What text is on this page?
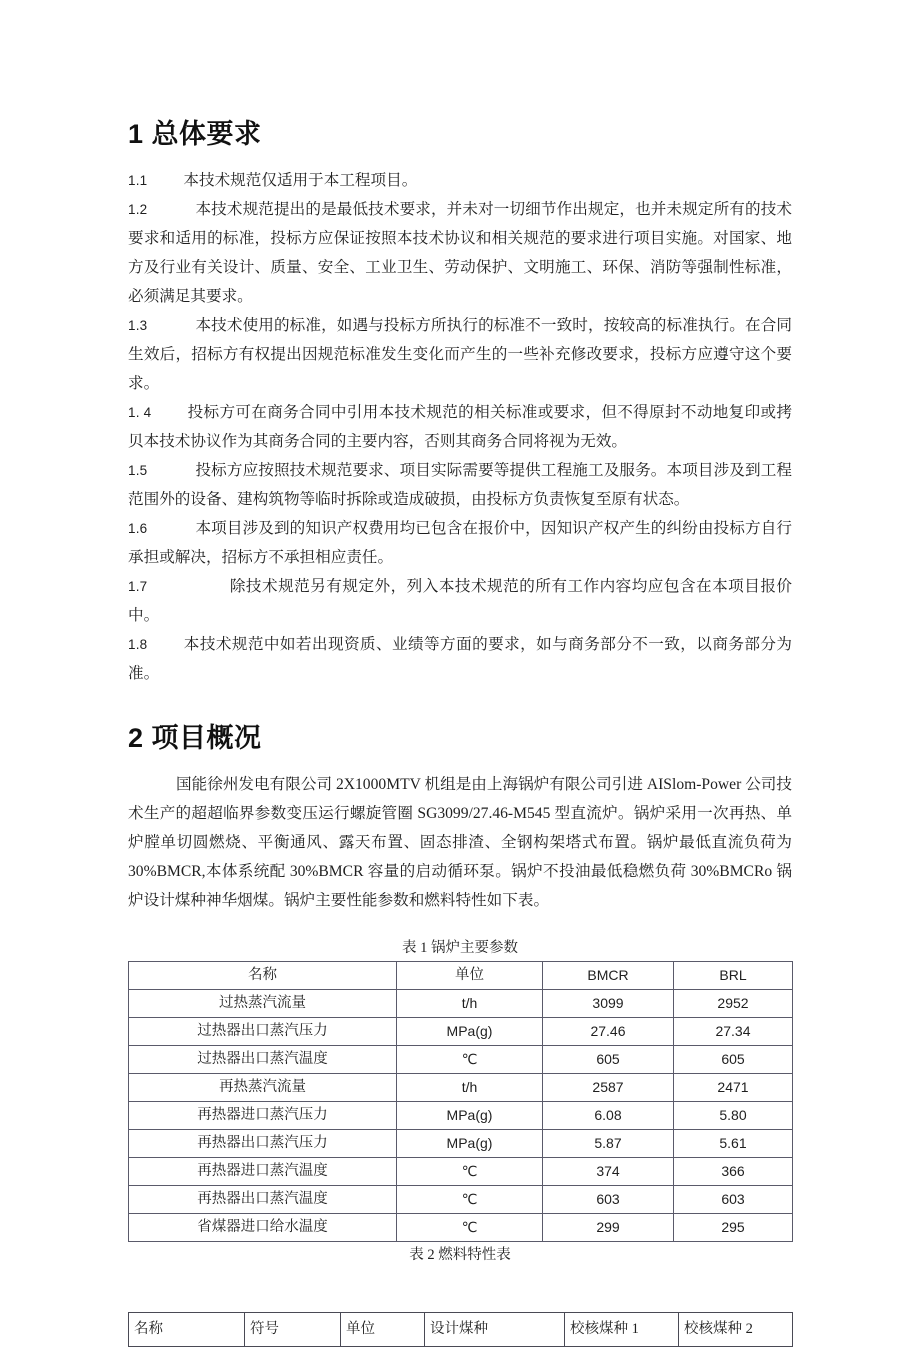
1 总体要求

1.1 本技术规范仅适用于本工程项目。

1.2	本技术规范提出的是最低技术要求，并未对一切细节作出规定，也并未规定所有的技术要求和适用的标准，投标方应保证按照本技术协议和相关规范的要求进行项目实施。对国家、地方及行业有关设计、质量、安全、工业卫生、劳动保护、文明施工、环保、消防等强制性标准，必须满足其要求。

1.3	本技术使用的标准，如遇与投标方所执行的标准不一致时，按较高的标准执行。在合同生效后，招标方有权提出因规范标准发生变化而产生的一些补充修改要求，投标方应遵守这个要求。

1. 4 投标方可在商务合同中引用本技术规范的相关标准或要求，但不得原封不动地复印或拷贝本技术协议作为其商务合同的主要内容，否则其商务合同将视为无效。

1.5	投标方应按照技术规范要求、项目实际需要等提供工程施工及服务。本项目涉及到工程范围外的设备、建构筑物等临时拆除或造成破损，由投标方负责恢复至原有状态。

1.6	本项目涉及到的知识产权费用均已包含在报价中，因知识产权产生的纠纷由投标方自行承担或解决，招标方不承担相应责任。

1.7	除技术规范另有规定外，列入本技术规范的所有工作内容均应包含在本项目报价中。

1.8 本技术规范中如若出现资质、业绩等方面的要求，如与商务部分不一致，以商务部分为准。

2 项目概况

国能徐州发电有限公司 2X1000MTV 机组是由上海锅炉有限公司引进 AISlom-Power 公司技术生产的超超临界参数变压运行螺旋管圈 SG3099/27.46-M545 型直流炉。锅炉采用一次再热、单炉膛单切圆燃烧、平衡通风、露天布置、固态排渣、全钢构架塔式布置。锅炉最低直流负荷为30%BMCR,本体系统配 30%BMCR 容量的启动循环泵。锅炉不投油最低稳燃负荷 30%BMCRo 锅炉设计煤种神华烟煤。锅炉主要性能参数和燃料特性如下表。

表 1 锅炉主要参数

名称	单位	BMCR	BRL
过热蒸汽流量	t/h	3099	2952
过热器出口蒸汽压力	MPa(g)	27.46	27.34
过热器出口蒸汽温度	℃	605	605
再热蒸汽流量	t/h	2587	2471
再热器进口蒸汽压力	MPa(g)	6.08	5.80
再热器出口蒸汽压力	MPa(g)	5.87	5.61
再热器进口蒸汽温度	℃	374	366
再热器出口蒸汽温度	℃	603	603
省煤器进口给水温度	℃	299	295

表 2 燃料特性表

名称	符号	单位	设计煤种	校核煤种 1	校核煤种 2
